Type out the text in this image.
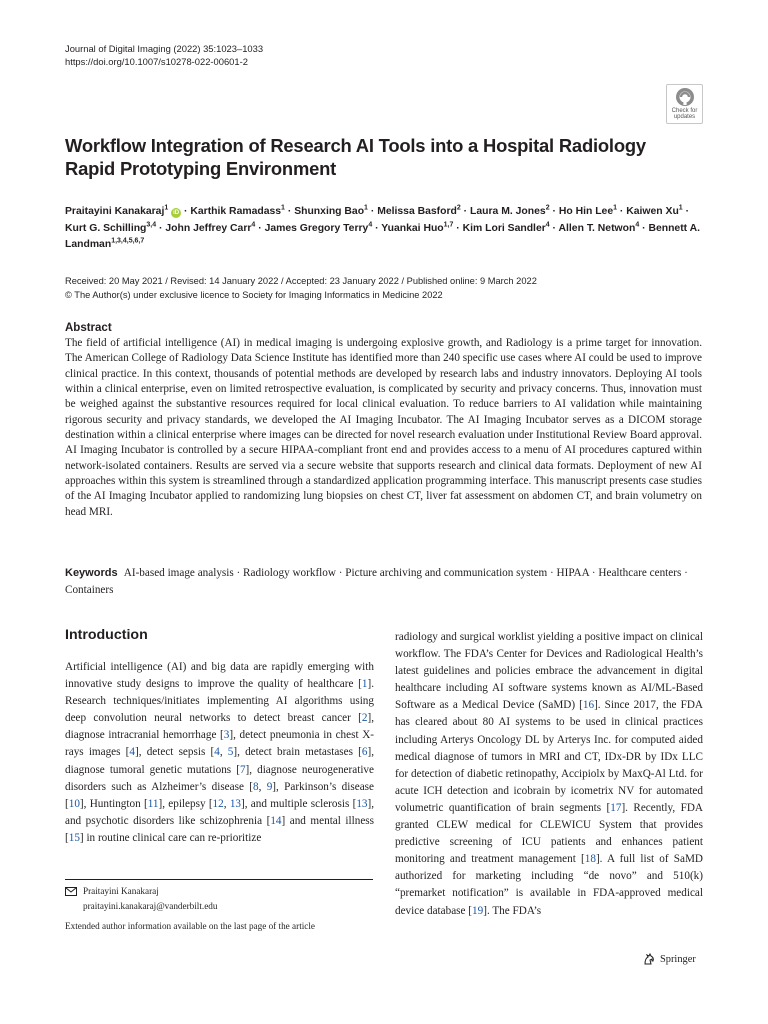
Journal of Digital Imaging (2022) 35:1023–1033
https://doi.org/10.1007/s10278-022-00601-2
Check for updates
Workflow Integration of Research AI Tools into a Hospital Radiology Rapid Prototyping Environment
Praitayini Kanakaraj$^1$ iD · Karthik Ramadass$^1$ · Shunxing Bao$^1$ · Melissa Basford$^2$ · Laura M. Jones$^2$ · Ho Hin Lee$^1$ · Kaiwen $Xu^1$ · Kurt G. Schilling$^{3,4}$ · John Jeffrey Carr$^4$ · James Gregory Terry$^4$ · Yuankai Huo$^{1,7}$ · Kim Lori Sandler$^4$ · Allen T. Netwon$^4$ · Bennett A. Landman$^{1,3,4,5,6,7}$
Received: 20 May 2021 / Revised: 14 January 2022 / Accepted: 23 January 2022 / Published online: 9 March 2022
© The Author(s) under exclusive licence to Society for Imaging Informatics in Medicine 2022
Abstract
The field of artificial intelligence (AI) in medical imaging is undergoing explosive growth, and Radiology is a prime target for innovation. The American College of Radiology Data Science Institute has identified more than 240 specific use cases where AI could be used to improve clinical practice. In this context, thousands of potential methods are developed by research labs and industry innovators. Deploying AI tools within a clinical enterprise, even on limited retrospective evaluation, is complicated by security and privacy concerns. Thus, innovation must be weighed against the substantive resources required for local clinical evaluation. To reduce barriers to AI validation while maintaining rigorous security and privacy standards, we developed the AI Imaging Incubator. The AI Imaging Incubator serves as a DICOM storage destination within a clinical enterprise where images can be directed for novel research evaluation under Institutional Review Board approval. AI Imaging Incubator is controlled by a secure HIPAA-compliant front end and provides access to a menu of AI procedures captured within network-isolated containers. Results are served via a secure website that supports research and clinical data formats. Deployment of new AI approaches within this system is streamlined through a standardized application programming interface. This manuscript presents case studies of the AI Imaging Incubator applied to randomizing lung biopsies on chest CT, liver fat assessment on abdomen CT, and brain volumetry on head MRI.
Keywords AI-based image analysis · Radiology workflow · Picture archiving and communication system · HIPAA · Healthcare centers · Containers
Introduction
Artificial intelligence (AI) and big data are rapidly emerging with innovative study designs to improve the quality of healthcare [1]. Research techniques/initiates implementing AI algorithms using deep convolution neural networks to detect breast cancer [2], diagnose intracranial hemorrhage [3], detect pneumonia in chest X-rays images [4], detect sepsis [4, 5], detect brain metastases [6], diagnose tumoral genetic mutations [7], diagnose neurogenerative disorders such as Alzheimer’s disease [8, 9], Parkinson’s disease [10], Huntington [11], epilepsy [12, 13], and multiple sclerosis [13], and psychotic disorders like schizophrenia [14] and mental illness [15] in routine clinical care can re-prioritize
radiology and surgical worklist yielding a positive impact on clinical workflow. The FDA’s Center for Devices and Radiological Health’s latest guidelines and policies embrace the advancement in digital healthcare including AI software systems known as AI/ML-Based Software as a Medical Device (SaMD) [16]. Since 2017, the FDA has cleared about 80 AI systems to be used in clinical practices including Arterys Oncology DL by Arterys Inc. for computed aided medical diagnose of tumors in MRI and CT, IDx-DR by IDx LLC for detection of diabetic retinopathy, Accipiolx by MaxQ-Al Ltd. for acute ICH detection and icobrain by icometrix NV for automated volumetric quantification of brain segments [17]. Recently, FDA granted CLEW medical for CLEWICU System that provides predictive screening of ICU patients and enhances patient monitoring and treatment management [18]. A full list of SaMD authorized for marketing including “de novo” and 510(k) “premarket notification” is available in FDA-approved medical device database [19]. The FDA’s
Praitayini Kanakaraj
praitayini.kanakaraj@vanderbilt.edu
Extended author information available on the last page of the article
Springer
